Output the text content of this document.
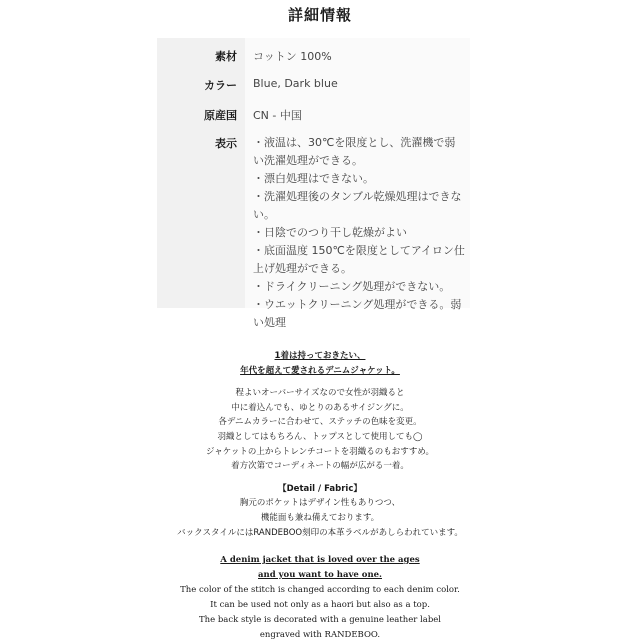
詳細情報
素材 コットン 100%
カラー Blue, Dark blue
原産国 CN - 中国
表示 ・液温は、30℃を限度とし、洗濯機で弱い洗濯処理ができる。
・漂白処理はできない。
・洗濯処理後のタンブル乾燥処理はできない。
・日陰でのつり干し乾燥がよい
・底面温度 150℃を限度としてアイロン仕上げ処理ができる。
・ドライクリーニング処理ができない。
・ウエットクリーニング処理ができる。弱い処理

1着は持っておきたい、

年代を超えて愛されるデニムジャケット。

程よいオーバーサイズなので女性が羽織ると

中に着込んでも、ゆとりのあるサイジングに。

各デニムカラーに合わせて、ステッチの色味を変更。

羽織としてはもちろん、トップスとして使用しても◯

ジャケットの上からトレンチコートを羽織るのもおすすめ。

着方次第でコーディネートの幅が広がる一着。

【Detail / Fabric】

胸元のポケットはデザイン性もありつつ、

機能面も兼ね備えております。

バックスタイルにはRANDEBOO刻印の本革ラベルがあしらわれています。

A denim jacket that is loved over the ages

and you want to have one.

The color of the stitch is changed according to each denim color.

It can be used not only as a haori but also as a top.

The back style is decorated with a genuine leather label

engraved with RANDEBOO.
